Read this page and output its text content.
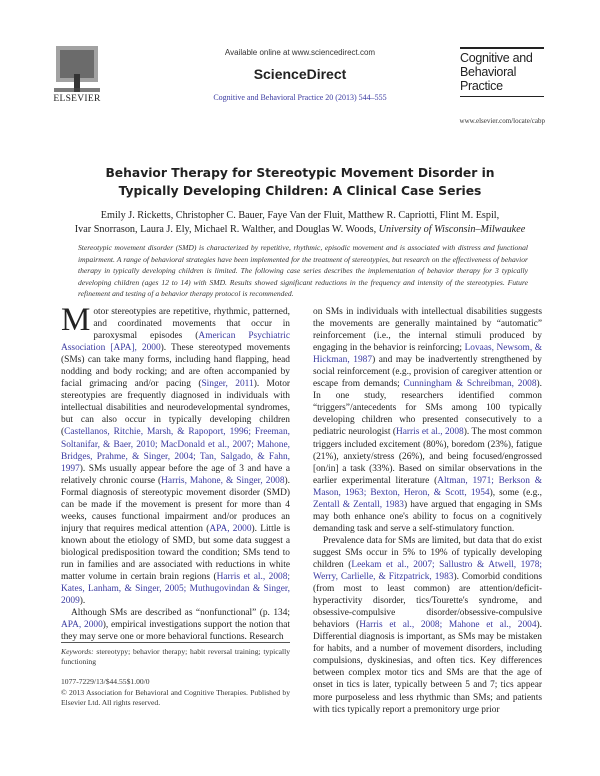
ELSEVIER
Available online at www.sciencedirect.com
ScienceDirect
Cognitive and Behavioral Practice 20 (2013) 544–555
Cognitive and
Behavioral
Practice
www.elsevier.com/locate/cabp
Behavior Therapy for Stereotypic Movement Disorder in
Typically Developing Children: A Clinical Case Series
Emily J. Ricketts, Christopher C. Bauer, Faye Van der Fluit, Matthew R. Capriotti, Flint M. Espil,
Ivar Snorrason, Laura J. Ely, Michael R. Walther, and Douglas W. Woods, University of Wisconsin–Milwaukee
Stereotypic movement disorder (SMD) is characterized by repetitive, rhythmic, episodic movement and is associated with distress and functional impairment. A range of behavioral strategies have been implemented for the treatment of stereotypies, but research on the effectiveness of behavior therapy in typically developing children is limited. The following case series describes the implementation of behavior therapy for 3 typically developing children (ages 12 to 14) with SMD. Results showed significant reductions in the frequency and intensity of the stereotypies. Future refinement and testing of a behavior therapy protocol is recommended.

Motor stereotypies are repetitive, rhythmic, patterned, and coordinated movements that occur in paroxysmal episodes (American Psychiatric Association [APA], 2000). These stereotyped movements (SMs) can take many forms, including hand flapping, head nodding and body rocking; and are often accompanied by facial grimacing and/or pacing (Singer, 2011). Motor stereotypies are frequently diagnosed in individuals with intellectual disabilities and neurodevelopmental syndromes, but can also occur in typically developing children (Castellanos, Ritchie, Marsh, & Rapoport, 1996; Freeman, Soltanifar, & Baer, 2010; MacDonald et al., 2007; Mahone, Bridges, Prahme, & Singer, 2004; Tan, Salgado, & Fahn, 1997). SMs usually appear before the age of 3 and have a relatively chronic course (Harris, Mahone, & Singer, 2008). Formal diagnosis of stereotypic movement disorder (SMD) can be made if the movement is present for more than 4 weeks, causes functional impairment and/or produces an injury that requires medical attention (APA, 2000). Little is known about the etiology of SMD, but some data suggest a biological predisposition toward the condition; SMs tend to run in families and are associated with reductions in white matter volume in certain brain regions (Harris et al., 2008; Kates, Lanham, & Singer, 2005; Muthugovindan & Singer, 2009).

Although SMs are described as “nonfunctional” (p. 134; APA, 2000), empirical investigations support the notion that they may serve one or more behavioral functions. Research

on SMs in individuals with intellectual disabilities suggests the movements are generally maintained by “automatic” reinforcement (i.e., the internal stimuli produced by engaging in the behavior is reinforcing; Lovaas, Newsom, & Hickman, 1987) and may be inadvertently strengthened by social reinforcement (e.g., provision of caregiver attention or escape from demands; Cunningham & Schreibman, 2008). In one study, researchers identified common “triggers”/antecedents for SMs among 100 typically developing children who presented consecutively to a pediatric neurologist (Harris et al., 2008). The most common triggers included excitement (80%), boredom (23%), fatigue (21%), anxiety/stress (26%), and being focused/engrossed [on/in] a task (33%). Based on similar observations in the earlier experimental literature (Altman, 1971; Berkson & Mason, 1963; Bexton, Heron, & Scott, 1954), some (e.g., Zentall & Zentall, 1983) have argued that engaging in SMs may both enhance one's ability to focus on a cognitively demanding task and serve a self-stimulatory function.

Prevalence data for SMs are limited, but data that do exist suggest SMs occur in 5% to 19% of typically developing children (Leekam et al., 2007; Sallustro & Atwell, 1978; Werry, Carlielle, & Fitzpatrick, 1983). Comorbid conditions (from most to least common) are attention/deficit-hyperactivity disorder, tics/Tourette's syndrome, and obsessive-compulsive disorder/obsessive-compulsive behaviors (Harris et al., 2008; Mahone et al., 2004). Differential diagnosis is important, as SMs may be mistaken for habits, and a number of movement disorders, including compulsions, dyskinesias, and often tics. Key differences between complex motor tics and SMs are that the age of onset in tics is later, typically between 5 and 7; tics appear more purposeless and less rhythmic than SMs; and patients with tics typically report a premonitory urge prior

Keywords: stereotypy; behavior therapy; habit reversal training; typically functioning
1077-7229/13/$44.55$1.00/0
© 2013 Association for Behavioral and Cognitive Therapies. Published by Elsevier Ltd. All rights reserved.
